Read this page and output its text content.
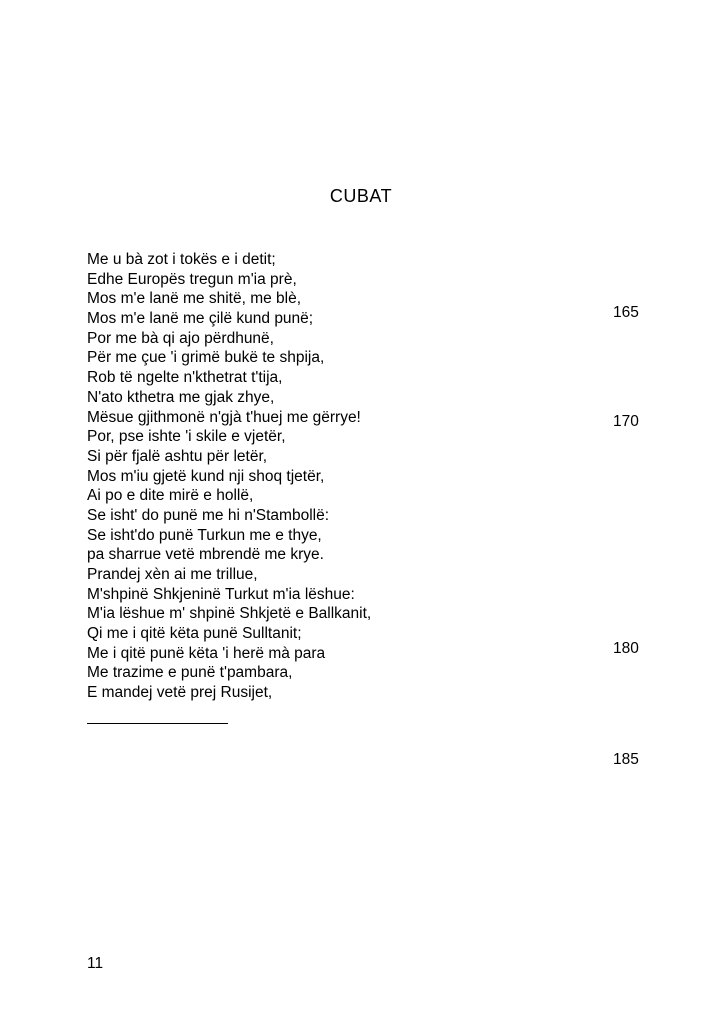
CUBAT
Me u bà zot i tokës e i detit;
Edhe Europës tregun m'ia prè,
Mos m'e lanë me shitë, me blè,
Mos m'e lanë me çilë kund punë;
Por me bà qi ajo përdhunë,
Për me çue 'i grimë bukë te shpija,
Rob të ngelte n'kthetrat t'tija,
N'ato kthetra me gjak zhye,
Mësue gjithmonë n'gjà t'huej me gërrye!
Por, pse ishte 'i skile e vjetër,
Si për fjalë ashtu për letër,
Mos m'iu gjetë kund nji shoq tjetër,
Ai po e dite mirë e hollë,
Se isht' do punë me hi n'Stambollë:
Se isht'do punë Turkun me e thye,
pa sharrue vetë mbrendë me krye.
Prandej xèn ai me trillue,
M'shpinë Shkjeninë Turkut m'ia lëshue:
M'ia lëshue m' shpinë Shkjetë e Ballkanit,
Qi me i qitë këta punë Sulltanit;
Me i qitë punë këta 'i herë mà para
Me trazime e punë t'pambara,
E mandej vetë prej Rusijet,
165
170
180
185
11
